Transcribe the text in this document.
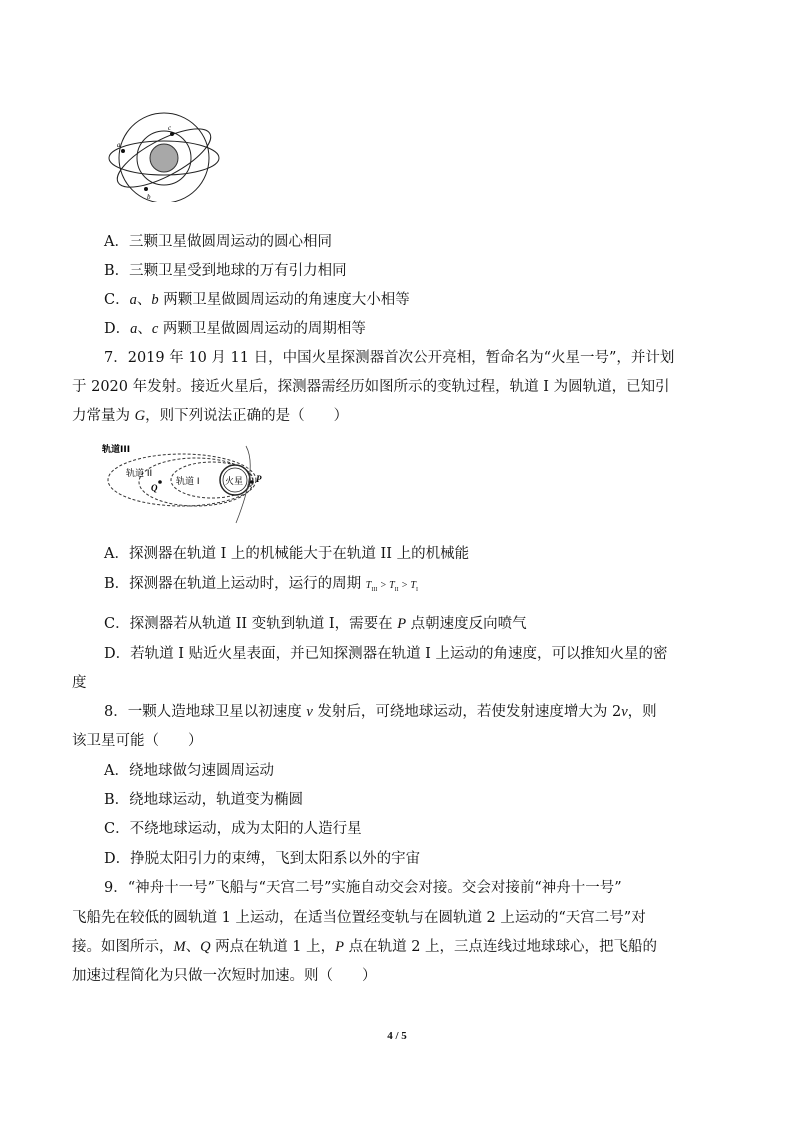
a
b
c
A．三颗卫星做圆周运动的圆心相同
B．三颗卫星受到地球的万有引力相同
C．a、b 两颗卫星做圆周运动的角速度大小相等
D．a、c 两颗卫星做圆周运动的周期相等
7．2019 年 10 月 11 日，中国火星探测器首次公开亮相，暂命名为“火星一号”，并计划
于 2020 年发射。接近火星后，探测器需经历如图所示的变轨过程，轨道 I 为圆轨道，已知引
力常量为 G，则下列说法正确的是（　　）
轨道III
轨道 II
轨道 I
Q
火星 P
A．探测器在轨道 I 上的机械能大于在轨道 II 上的机械能
B．探测器在轨道上运动时，运行的周期 $T_{III} > T_{II} > T_I$
C．探测器若从轨道 II 变轨到轨道 I，需要在 P 点朝速度反向喷气
D．若轨道 I 贴近火星表面，并已知探测器在轨道 I 上运动的角速度，可以推知火星的密
度
8．一颗人造地球卫星以初速度 v 发射后，可绕地球运动，若使发射速度增大为 2v，则
该卫星可能（　　）
A．绕地球做匀速圆周运动
B．绕地球运动，轨道变为椭圆
C．不绕地球运动，成为太阳的人造行星
D．挣脱太阳引力的束缚，飞到太阳系以外的宇宙
9．“神舟十一号”飞船与“天宫二号”实施自动交会对接。交会对接前“神舟十一号”
飞船先在较低的圆轨道 1 上运动，在适当位置经变轨与在圆轨道 2 上运动的“天宫二号”对
接。如图所示，M、Q 两点在轨道 1 上，P 点在轨道 2 上，三点连线过地球球心，把飞船的
加速过程简化为只做一次短时加速。则（　　）
4 / 5
